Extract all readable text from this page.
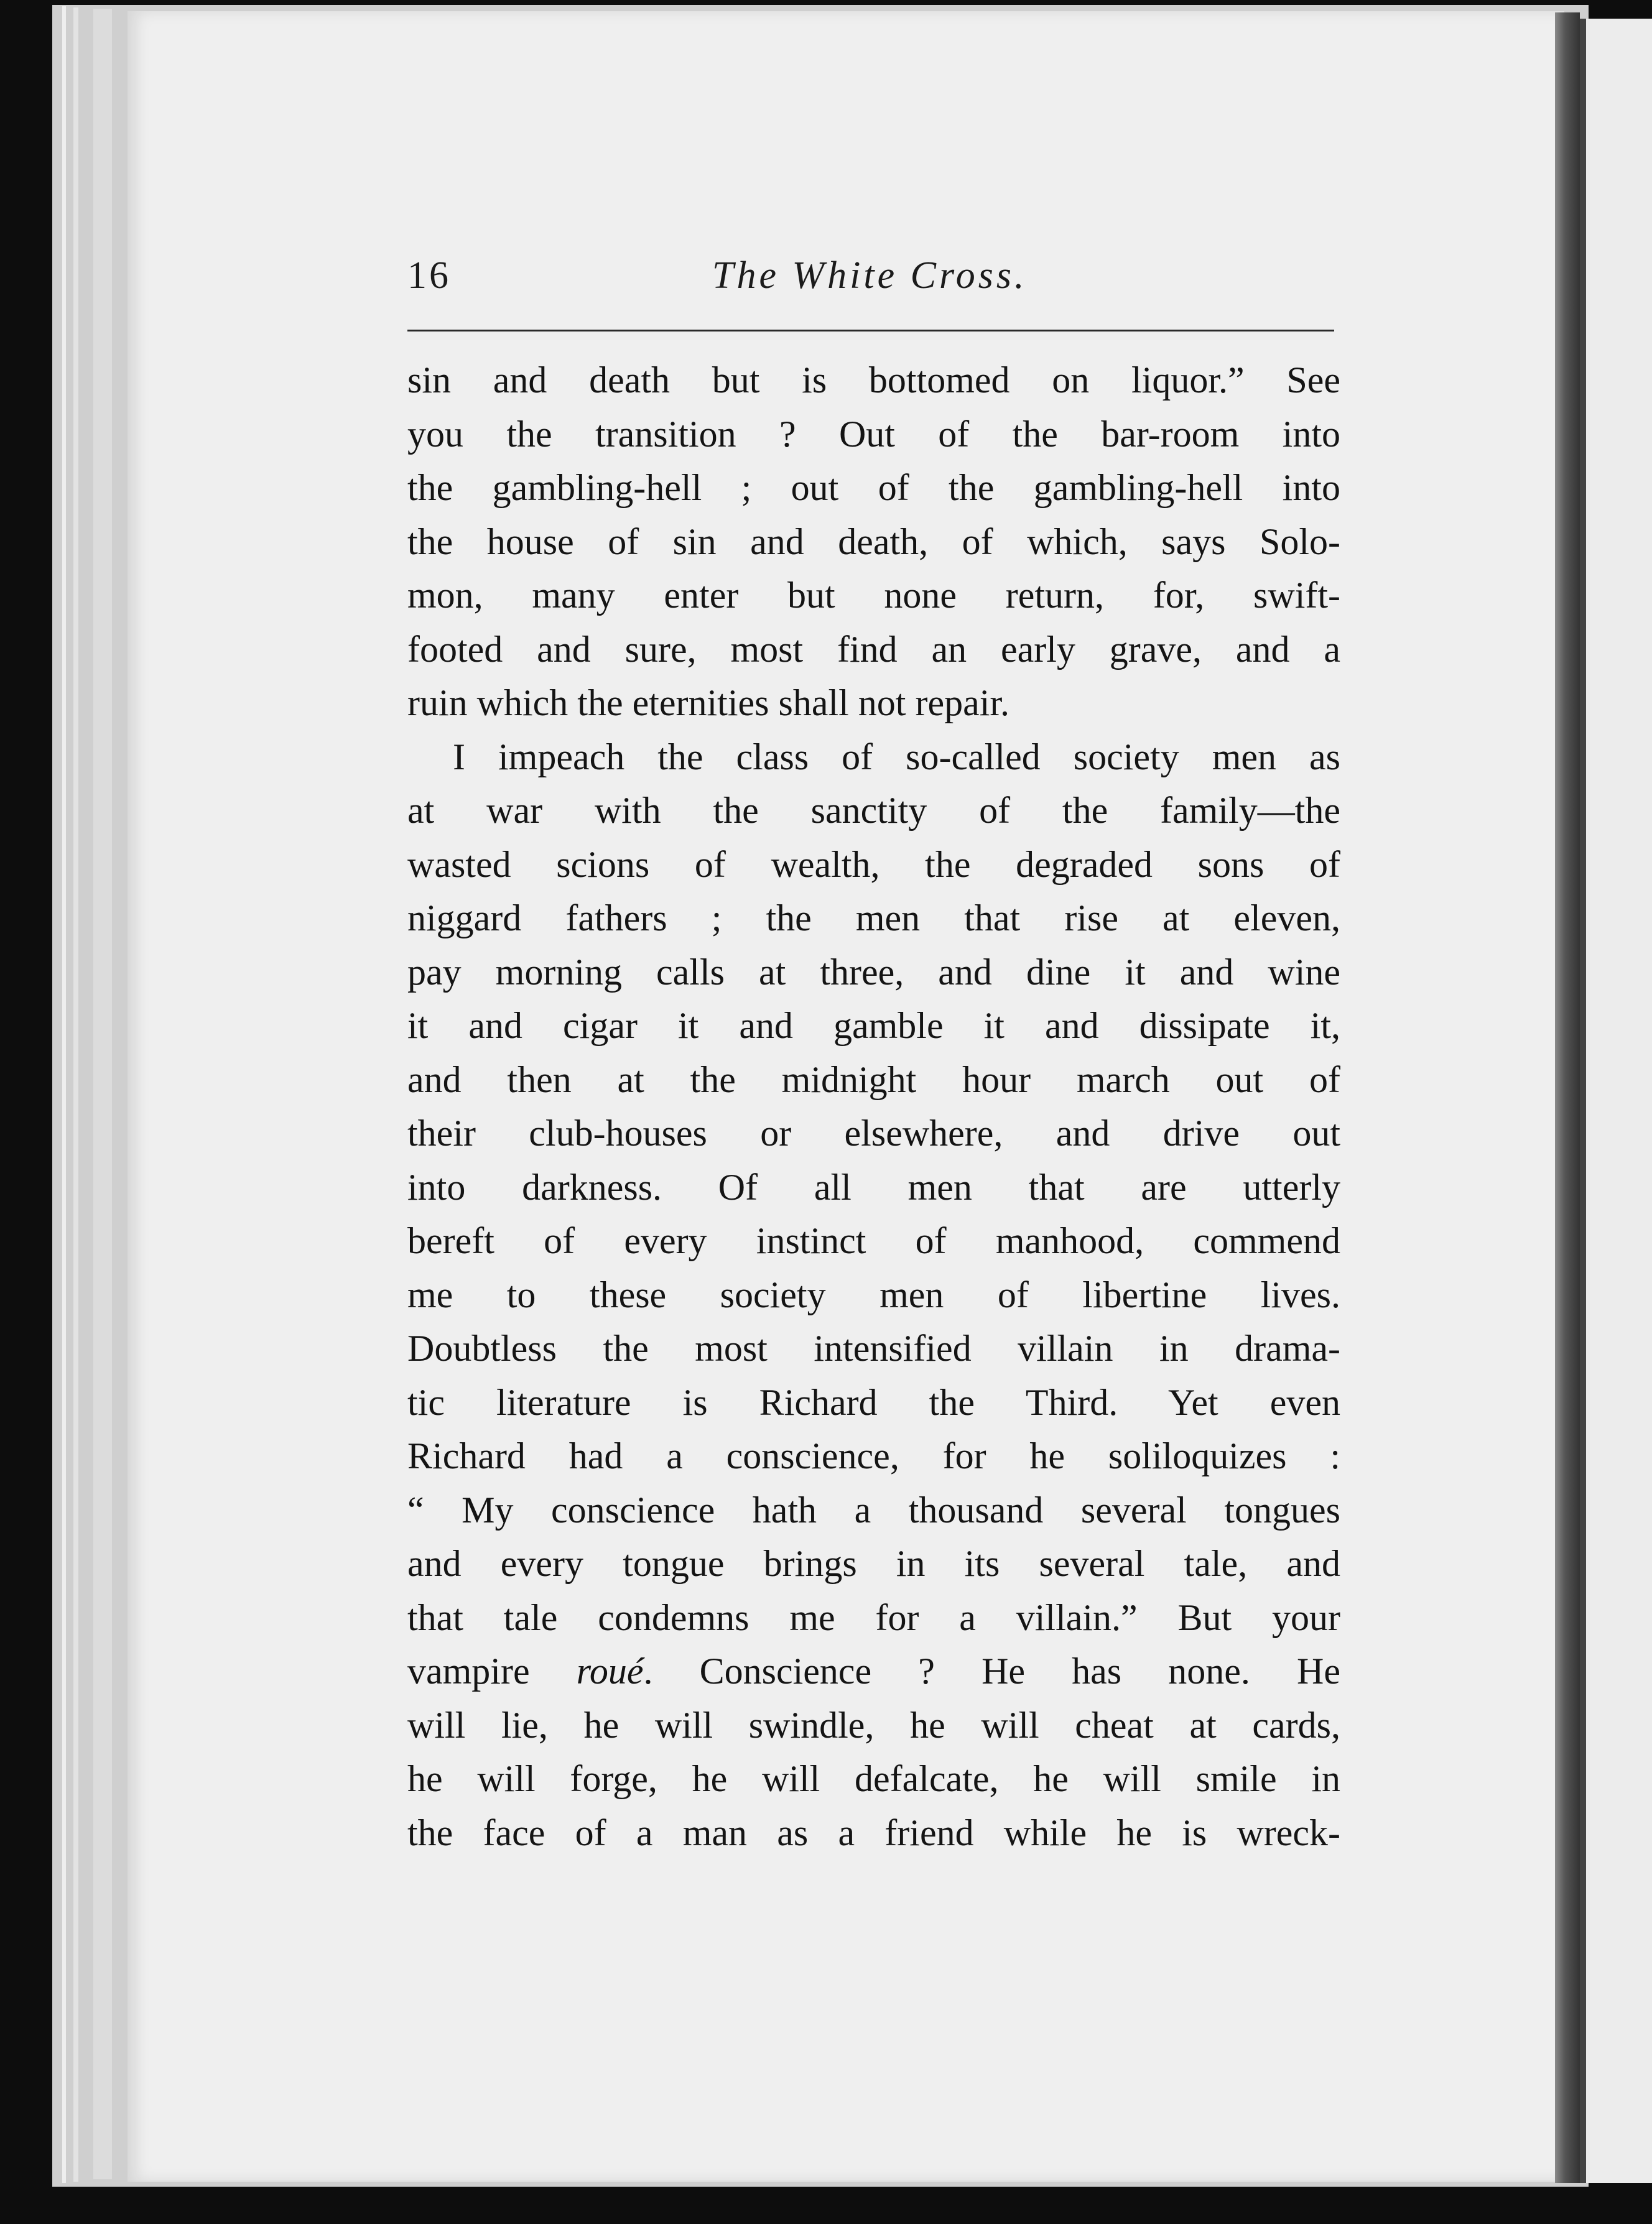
16	The White Cross.
sin and death but is bottomed on liquor.” See
you the transition ? Out of the bar-room into
the gambling-hell ; out of the gambling-hell into
the house of sin and death, of which, says Solo-
mon, many enter but none return, for, swift-
footed and sure, most find an early grave, and a
ruin which the eternities shall not repair.
I impeach the class of so-called society men as
at war with the sanctity of the family—the
wasted scions of wealth, the degraded sons of
niggard fathers ; the men that rise at eleven,
pay morning calls at three, and dine it and wine
it and cigar it and gamble it and dissipate it,
and then at the midnight hour march out of
their club-houses or elsewhere, and drive out
into darkness. Of all men that are utterly
bereft of every instinct of manhood, commend
me to these society men of libertine lives.
Doubtless the most intensified villain in drama-
tic literature is Richard the Third. Yet even
Richard had a conscience, for he soliloquizes :
“ My conscience hath a thousand several tongues
and every tongue brings in its several tale, and
that tale condemns me for a villain.” But your
vampire roué. Conscience ? He has none. He
will lie, he will swindle, he will cheat at cards,
he will forge, he will defalcate, he will smile in
the face of a man as a friend while he is wreck-
